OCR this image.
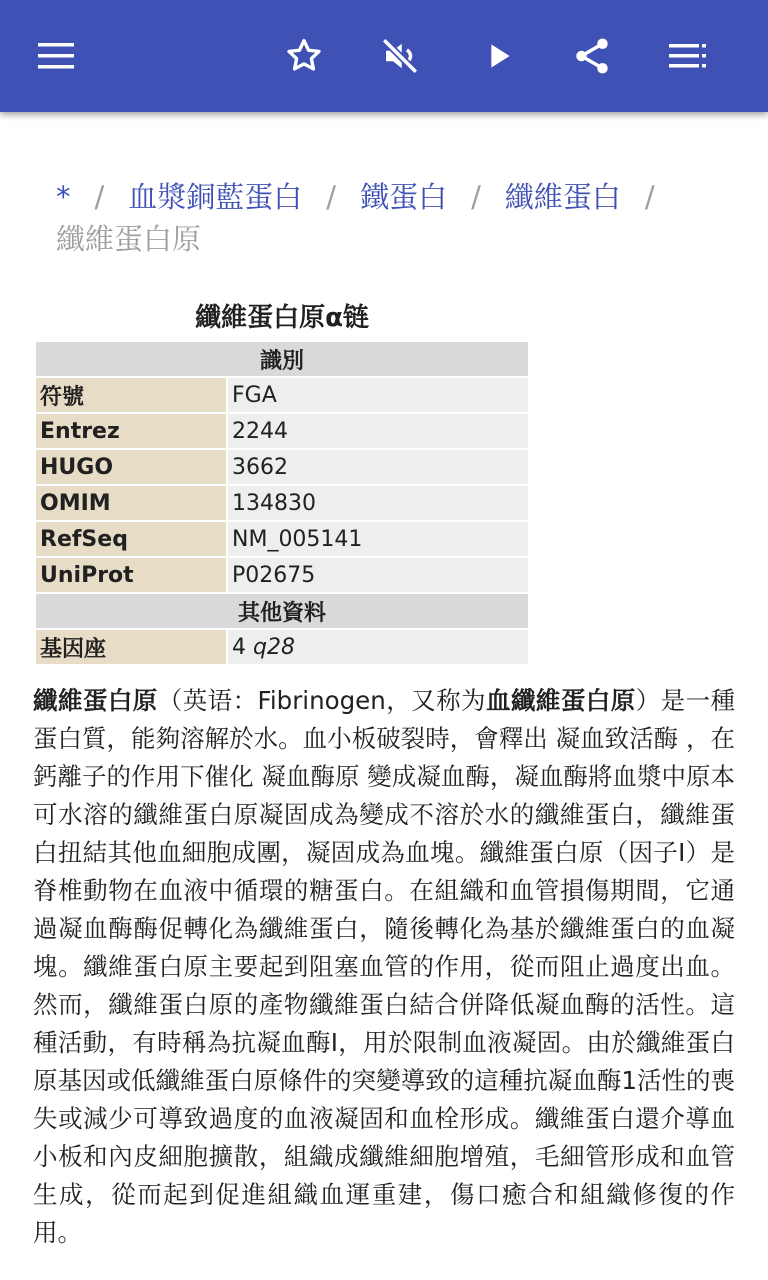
* / 血漿銅藍蛋白 / 鐵蛋白 / 纖維蛋白 /
纖維蛋白原
纖維蛋白原α链
識別	
符號	FGA
Entrez	2244
HUGO	3662
OMIM	134830
RefSeq	NM_005141
UniProt	P02675
其他資料	
基因座	4 q28
纖維蛋白原（英语：Fibrinogen，又称为血纖維蛋白原）是一種蛋白質，能夠溶解於水。血小板破裂時，會釋出 凝血致活酶 ，在鈣離子的作用下催化 凝血酶原 變成凝血酶，凝血酶將血漿中原本可水溶的纖維蛋白原凝固成為變成不溶於水的纖維蛋白，纖維蛋白扭結其他血細胞成團，凝固成為血塊。纖維蛋白原（因子I）是脊椎動物在血液中循環的糖蛋白。在組織和血管損傷期間，它通過凝血酶酶促轉化為纖維蛋白，隨後轉化為基於纖維蛋白的血凝塊。纖維蛋白原主要起到阻塞血管的作用，從而阻止過度出血。然而，纖維蛋白原的產物纖維蛋白結合併降低凝血酶的活性。這種活動，有時稱為抗凝血酶I，用於限制血液凝固。由於纖維蛋白原基因或低纖維蛋白原條件的突變導致的這種抗凝血酶1活性的喪失或減少可導致過度的血液凝固和血栓形成。纖維蛋白還介導血小板和內皮細胞擴散，組織成纖維細胞增殖，毛細管形成和血管生成，從而起到促進組織血運重建，傷口癒合和組織修復的作用。
